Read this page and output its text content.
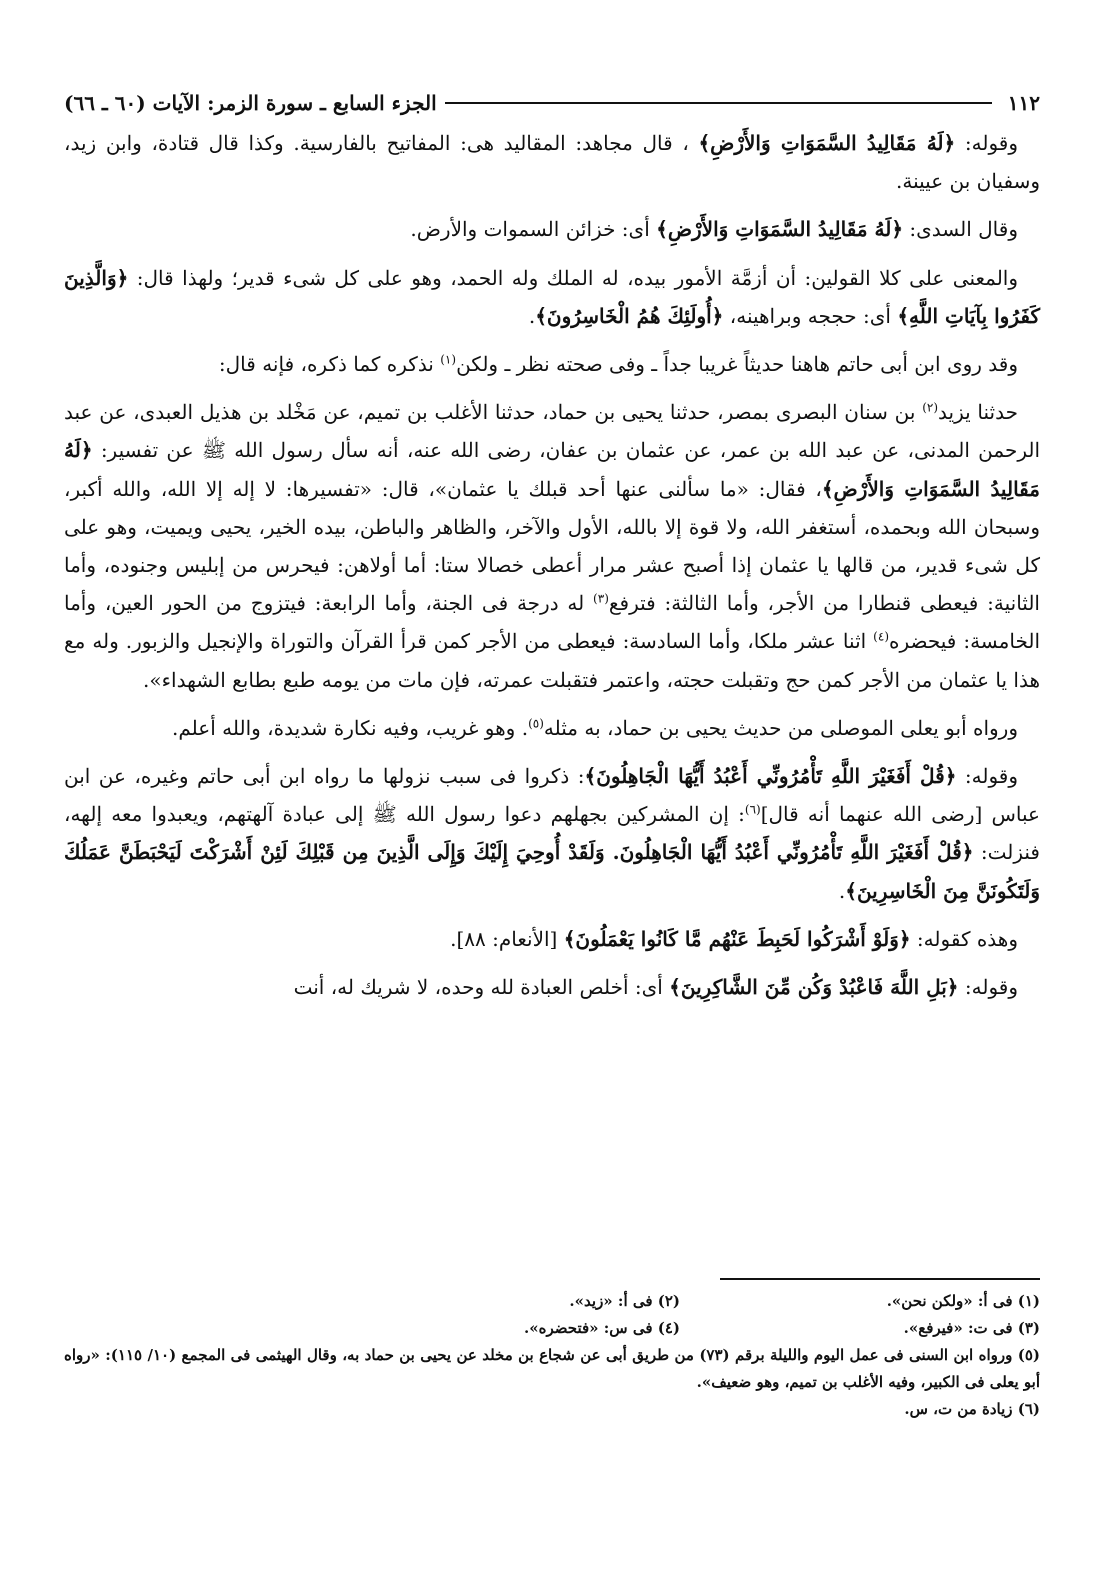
١١٢
الجزء السابع ـ سورة الزمر: الآيات (٦٠ ـ ٦٦)

وقوله: ﴿لَهُ مَقَالِيدُ السَّمَوَاتِ وَالأَرْضِ﴾ ، قال مجاهد: المقاليد هى: المفاتيح بالفارسية. وكذا قال قتادة، وابن زيد، وسفيان بن عيينة.

وقال السدى: ﴿لَهُ مَقَالِيدُ السَّمَوَاتِ وَالأَرْضِ﴾ أى: خزائن السموات والأرض.

والمعنى على كلا القولين: أن أزمَّة الأمور بيده، له الملك وله الحمد، وهو على كل شىء قدير؛ ولهذا قال: ﴿وَالَّذِينَ كَفَرُوا بِآيَاتِ اللَّهِ﴾ أى: حججه وبراهينه، ﴿أُولَئِكَ هُمُ الْخَاسِرُونَ﴾.

وقد روى ابن أبى حاتم هاهنا حديثاً غريبا جداً ـ وفى صحته نظر ـ ولكن$^{(١)}$ نذكره كما ذكره، فإنه قال:

حدثنا يزيد$^{(٢)}$ بن سنان البصرى بمصر، حدثنا يحيى بن حماد، حدثنا الأغلب بن تميم، عن مَخْلد بن هذيل العبدى، عن عبد الرحمن المدنى، عن عبد الله بن عمر، عن عثمان بن عفان، رضى الله عنه، أنه سأل رسول الله ﷺ عن تفسير: ﴿لَهُ مَقَالِيدُ السَّمَوَاتِ وَالأَرْضِ﴾، فقال: «ما سألنى عنها أحد قبلك يا عثمان»، قال: «تفسيرها: لا إله إلا الله، والله أكبر، وسبحان الله وبحمده، أستغفر الله، ولا قوة إلا بالله، الأول والآخر، والظاهر والباطن، بيده الخير، يحيى ويميت، وهو على كل شىء قدير، من قالها يا عثمان إذا أصبح عشر مرار أعطى خصالا ستا: أما أولاهن: فيحرس من إبليس وجنوده، وأما الثانية: فيعطى قنطارا من الأجر، وأما الثالثة: فترفع$^{(٣)}$ له درجة فى الجنة، وأما الرابعة: فيتزوج من الحور العين، وأما الخامسة: فيحضره$^{(٤)}$ اثنا عشر ملكا، وأما السادسة: فيعطى من الأجر كمن قرأ القرآن والتوراة والإنجيل والزبور. وله مع هذا يا عثمان من الأجر كمن حج وتقبلت حجته، واعتمر فتقبلت عمرته، فإن مات من يومه طبع بطابع الشهداء».

ورواه أبو يعلى الموصلى من حديث يحيى بن حماد، به مثله$^{(٥)}$. وهو غريب، وفيه نكارة شديدة، والله أعلم.

وقوله: ﴿قُلْ أَفَغَيْرَ اللَّهِ تَأْمُرُونِّي أَعْبُدُ أَيُّهَا الْجَاهِلُونَ﴾: ذكروا فى سبب نزولها ما رواه ابن أبى حاتم وغيره، عن ابن عباس [رضى الله عنهما أنه قال]$^{(٦)}$: إن المشركين بجهلهم دعوا رسول الله ﷺ إلى عبادة آلهتهم، ويعبدوا معه إلهه، فنزلت: ﴿قُلْ أَفَغَيْرَ اللَّهِ تَأْمُرُونِّي أَعْبُدُ أَيُّهَا الْجَاهِلُونَ. وَلَقَدْ أُوحِيَ إِلَيْكَ وَإِلَى الَّذِينَ مِن قَبْلِكَ لَئِنْ أَشْرَكْتَ لَيَحْبَطَنَّ عَمَلُكَ وَلَتَكُونَنَّ مِنَ الْخَاسِرِينَ﴾.

وهذه كقوله: ﴿وَلَوْ أَشْرَكُوا لَحَبِطَ عَنْهُم مَّا كَانُوا يَعْمَلُونَ﴾ [الأنعام: ٨٨].

وقوله: ﴿بَلِ اللَّهَ فَاعْبُدْ وَكُن مِّنَ الشَّاكِرِينَ﴾ أى: أخلص العبادة لله وحده، لا شريك له، أنت

(١) فى أ: «ولكن نحن».
(٢) فى أ: «زيد».
(٣) فى ت: «فيرفع».
(٤) فى س: «فتحضره».

(٥) ورواه ابن السنى فى عمل اليوم والليلة برقم (٧٣) من طريق أبى عن شجاع بن مخلد عن يحيى بن حماد به، وقال الهيثمى فى المجمع (١٠/ ١١٥): «رواه أبو يعلى فى الكبير، وفيه الأغلب بن تميم، وهو ضعيف».

(٦) زيادة من ت، س.
